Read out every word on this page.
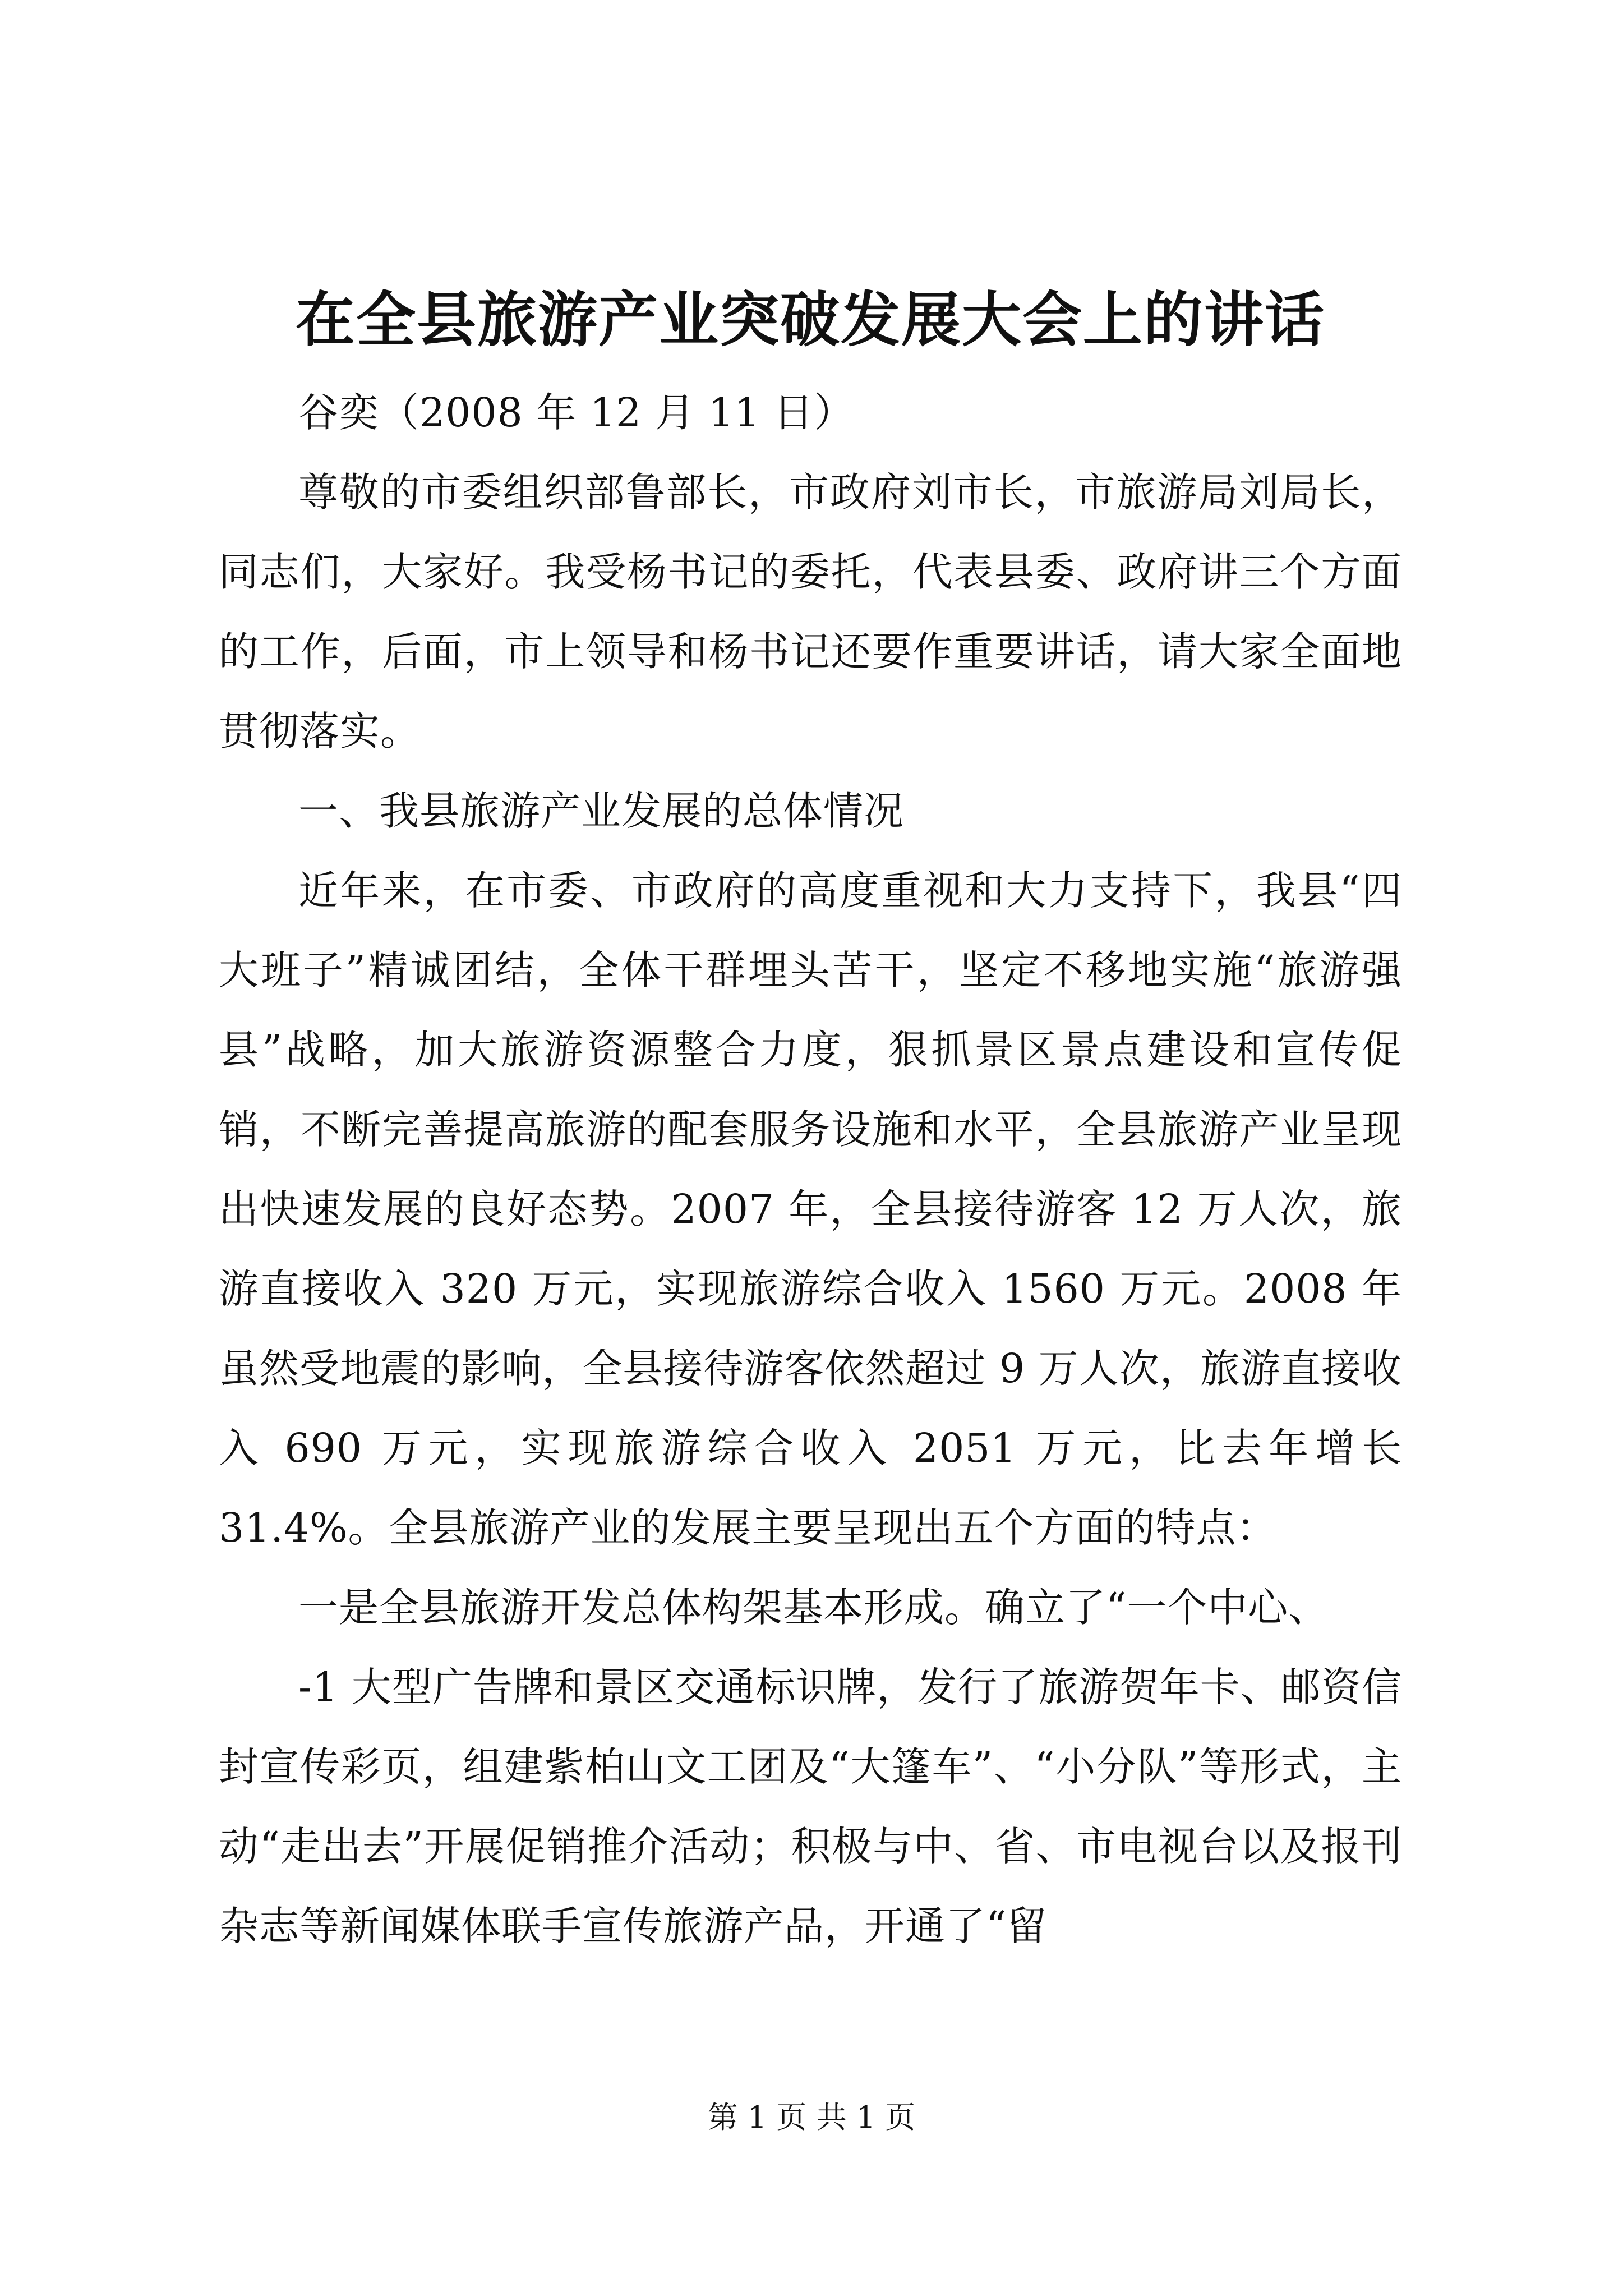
在全县旅游产业突破发展大会上的讲话

谷奕（2008 年 12 月 11 日）

尊敬的市委组织部鲁部长，市政府刘市长，市旅游局刘局长，同志们，大家好。我受杨书记的委托，代表县委、政府讲三个方面的工作，后面，市上领导和杨书记还要作重要讲话，请大家全面地贯彻落实。

一、我县旅游产业发展的总体情况

近年来，在市委、市政府的高度重视和大力支持下，我县“四大班子”精诚团结，全体干群埋头苦干，坚定不移地实施“旅游强县”战略，加大旅游资源整合力度，狠抓景区景点建设和宣传促销，不断完善提高旅游的配套服务设施和水平，全县旅游产业呈现出快速发展的良好态势。2007 年，全县接待游客 12 万人次，旅游直接收入 320 万元，实现旅游综合收入 1560 万元。2008 年虽然受地震的影响，全县接待游客依然超过 9 万人次，旅游直接收入 690 万元，实现旅游综合收入 2051 万元，比去年增长 31.4%。全县旅游产业的发展主要呈现出五个方面的特点：

一是全县旅游开发总体构架基本形成。确立了“一个中心、

-1 大型广告牌和景区交通标识牌，发行了旅游贺年卡、邮资信封宣传彩页，组建紫柏山文工团及“大篷车”、“小分队”等形式，主动“走出去”开展促销推介活动；积极与中、省、市电视台以及报刊杂志等新闻媒体联手宣传旅游产品，开通了“留

第 1 页 共 1 页
